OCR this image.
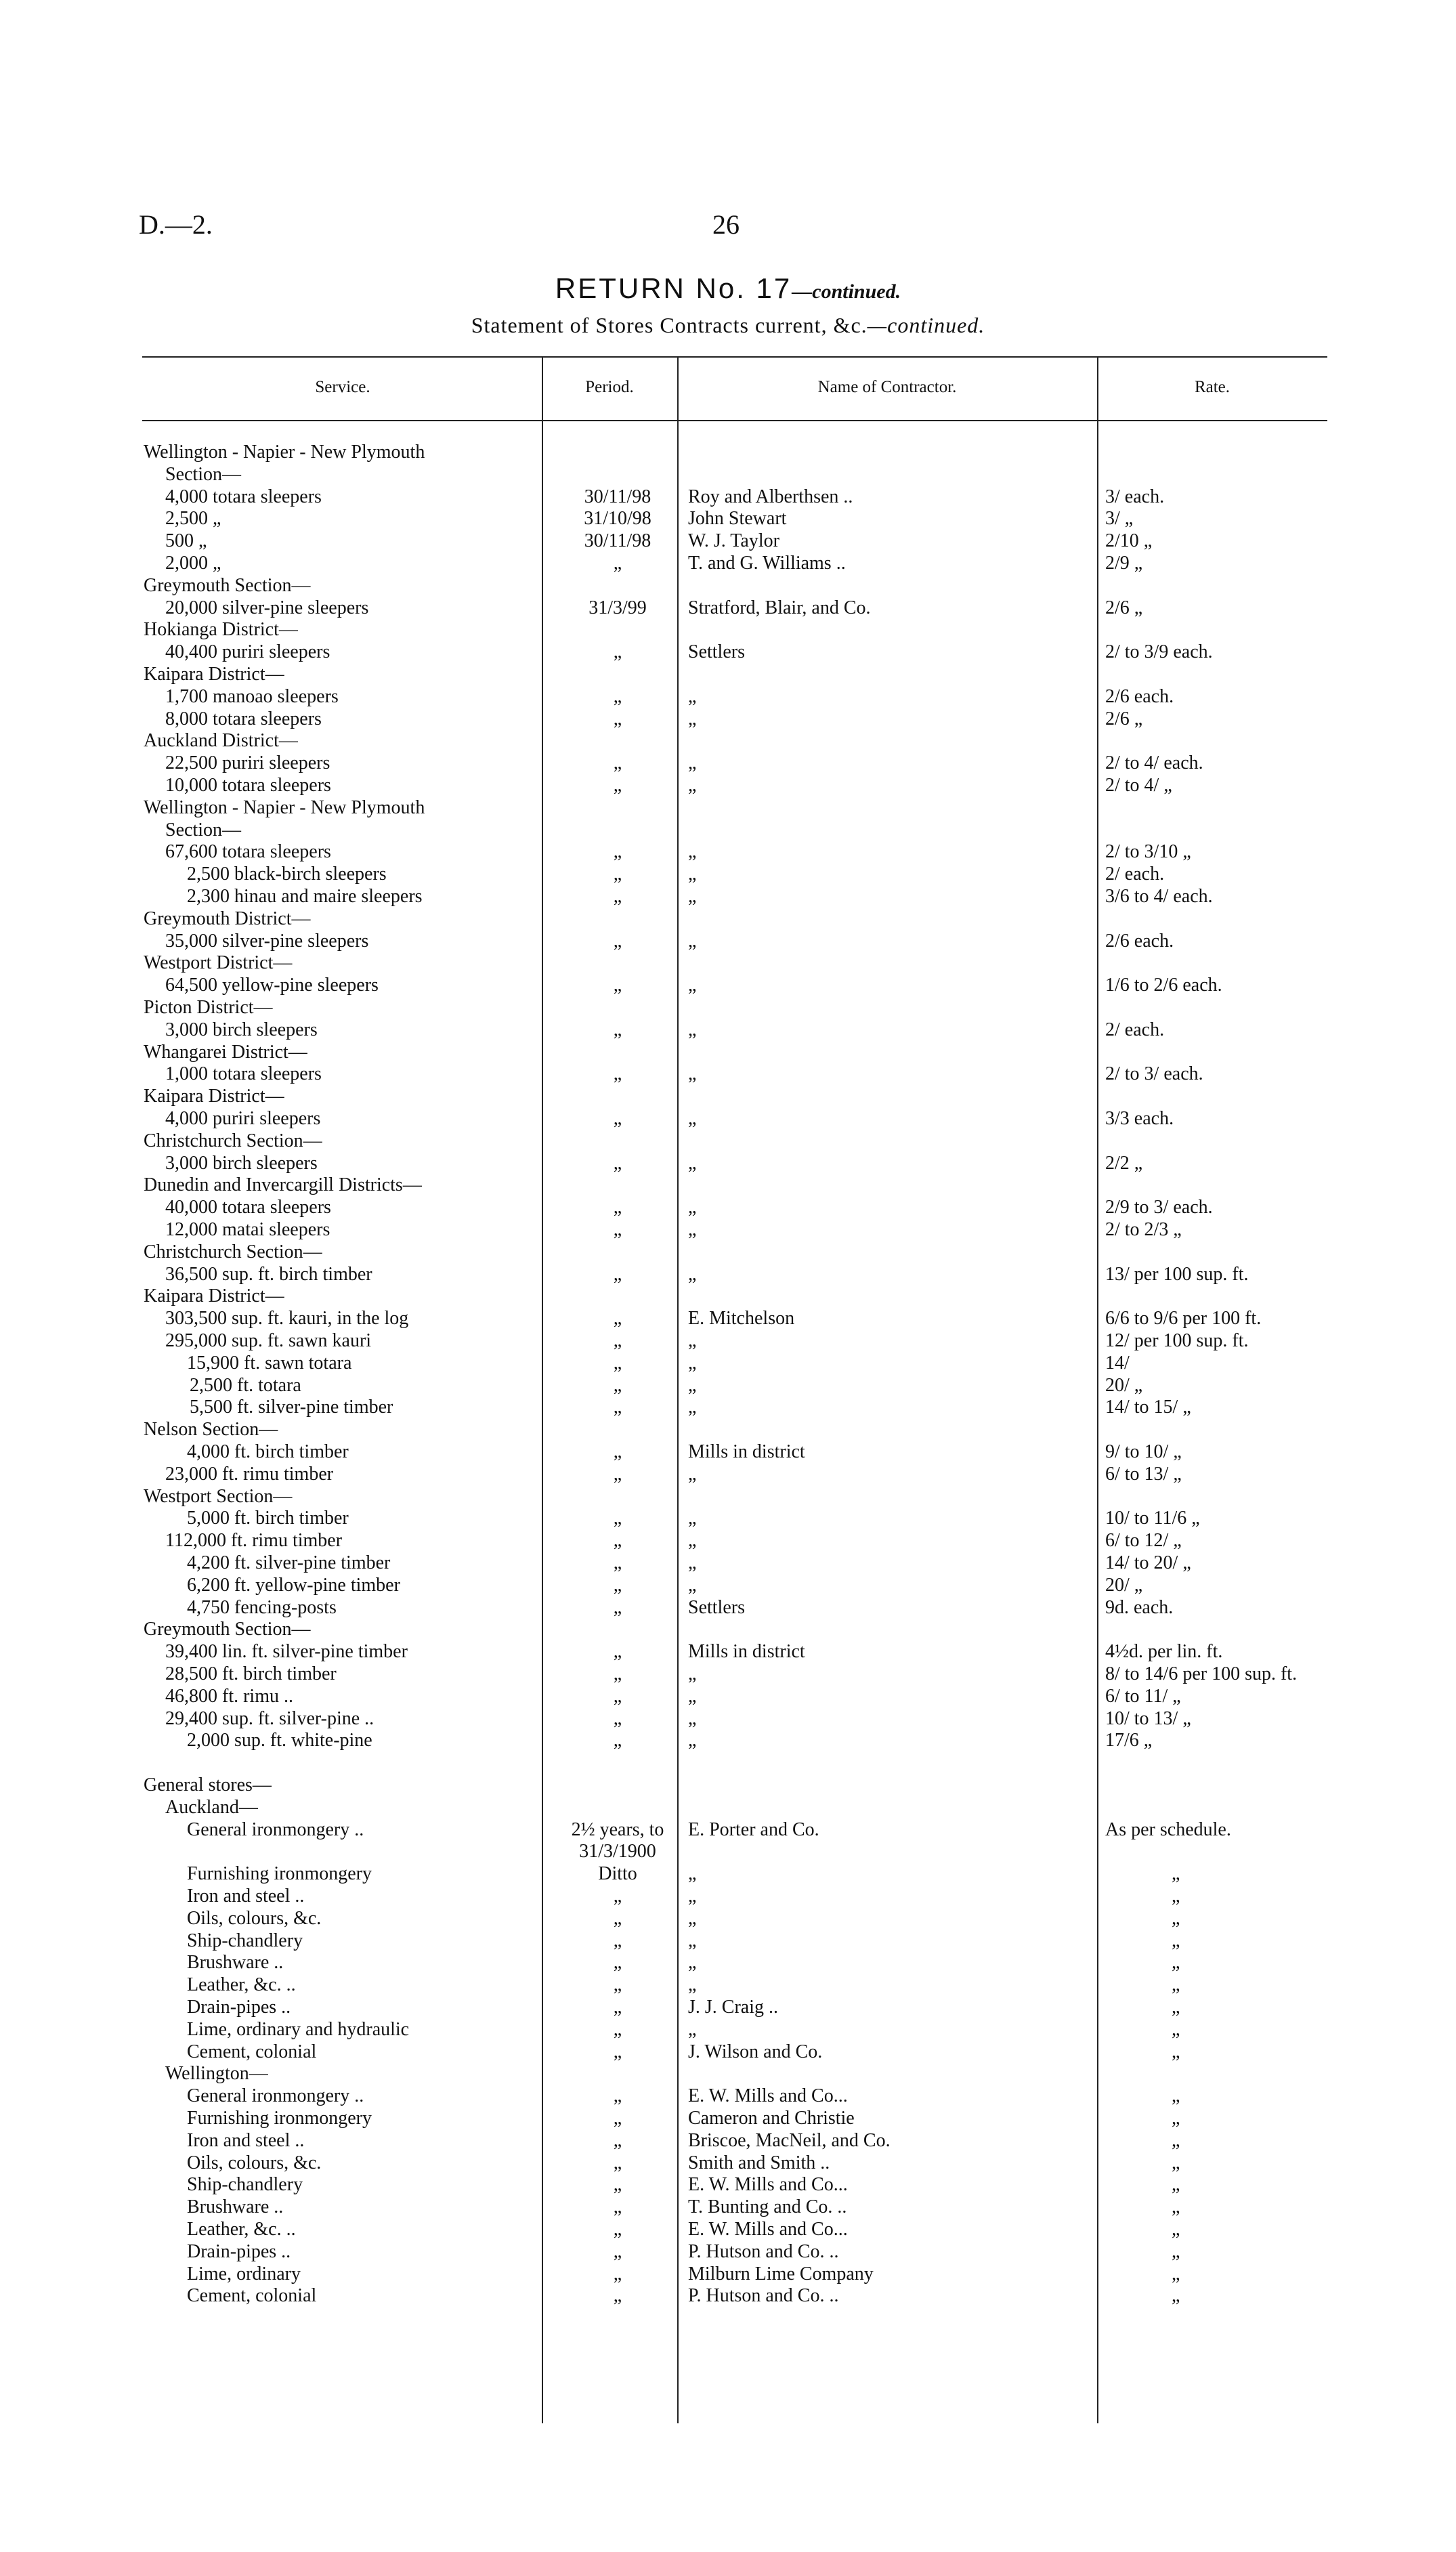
D.—2.	26
RETURN No. 17—continued.
Statement of Stores Contracts current, &c.—continued.
Service.	Period.	Name of Contractor.	Rate.
Wellington - Napier - New Plymouth
Section—
4,000 totara sleepers	30/11/98	Roy and Alberthsen ..	3/ each.
2,500 „	31/10/98	John Stewart	3/ „
500 „	30/11/98	W. J. Taylor	2/10 „
2,000 „	„	T. and G. Williams ..	2/9 „
Greymouth Section—
20,000 silver-pine sleepers	31/3/99	Stratford, Blair, and Co.	2/6 „
Hokianga District—
40,400 puriri sleepers	„	Settlers	2/ to 3/9 each.
Kaipara District—
1,700 manoao sleepers	„	„	2/6 each.
8,000 totara sleepers	„	„	2/6 „
Auckland District—
22,500 puriri sleepers	„	„	2/ to 4/ each.
10,000 totara sleepers	„	„	2/ to 4/ „
Wellington - Napier - New Plymouth
Section—
67,600 totara sleepers	„	„	2/ to 3/10 „
2,500 black-birch sleepers	„	„	2/ each.
2,300 hinau and maire sleepers	„	„	3/6 to 4/ each.
Greymouth District—
35,000 silver-pine sleepers	„	„	2/6 each.
Westport District—
64,500 yellow-pine sleepers	„	„	1/6 to 2/6 each.
Picton District—
3,000 birch sleepers	„	„	2/ each.
Whangarei District—
1,000 totara sleepers	„	„	2/ to 3/ each.
Kaipara District—
4,000 puriri sleepers	„	„	3/3 each.
Christchurch Section—
3,000 birch sleepers	„	„	2/2 „
Dunedin and Invercargill Districts—
40,000 totara sleepers	„	„	2/9 to 3/ each.
12,000 matai sleepers	„	„	2/ to 2/3 „
Christchurch Section—
36,500 sup. ft. birch timber	„	„	13/ per 100 sup. ft.
Kaipara District—
303,500 sup. ft. kauri, in the log	„	E. Mitchelson	6/6 to 9/6 per 100 ft.
295,000 sup. ft. sawn kauri	„	„	12/ per 100 sup. ft.
15,900 ft. sawn totara	„	„	14/
2,500 ft. totara	„	„	20/ „
5,500 ft. silver-pine timber	„	„	14/ to 15/ „
Nelson Section—
4,000 ft. birch timber	„	Mills in district	9/ to 10/ „
23,000 ft. rimu timber	„	„	6/ to 13/ „
Westport Section—
5,000 ft. birch timber	„	„	10/ to 11/6 „
112,000 ft. rimu timber	„	„	6/ to 12/ „
4,200 ft. silver-pine timber	„	„	14/ to 20/ „
6,200 ft. yellow-pine timber	„	„	20/ „
4,750 fencing-posts	„	Settlers	9d. each.
Greymouth Section—
39,400 lin. ft. silver-pine timber	„	Mills in district	4½d. per lin. ft.
28,500 ft. birch timber	„	„	8/ to 14/6 per 100 sup. ft.
46,800 ft. rimu ..	„	„	6/ to 11/ „
29,400 sup. ft. silver-pine ..	„	„	10/ to 13/ „
2,000 sup. ft. white-pine	„	„	17/6 „
General stores—
Auckland—
General ironmongery ..	2½ years, to	E. Porter and Co.	As per schedule.
31/3/1900
Furnishing ironmongery	Ditto	„	„
Iron and steel ..	„	„	„
Oils, colours, &c.	„	„	„
Ship-chandlery	„	„	„
Brushware ..	„	„	„
Leather, &c. ..	„	„	„
Drain-pipes ..	„	J. J. Craig ..	„
Lime, ordinary and hydraulic	„	„	„
Cement, colonial	„	J. Wilson and Co.	„
Wellington—
General ironmongery ..	„	E. W. Mills and Co...	„
Furnishing ironmongery	„	Cameron and Christie	„
Iron and steel ..	„	Briscoe, MacNeil, and Co.	„
Oils, colours, &c.	„	Smith and Smith ..	„
Ship-chandlery	„	E. W. Mills and Co...	„
Brushware ..	„	T. Bunting and Co. ..	„
Leather, &c. ..	„	E. W. Mills and Co...	„
Drain-pipes ..	„	P. Hutson and Co. ..	„
Lime, ordinary	„	Milburn Lime Company	„
Cement, colonial	„	P. Hutson and Co. ..	„
